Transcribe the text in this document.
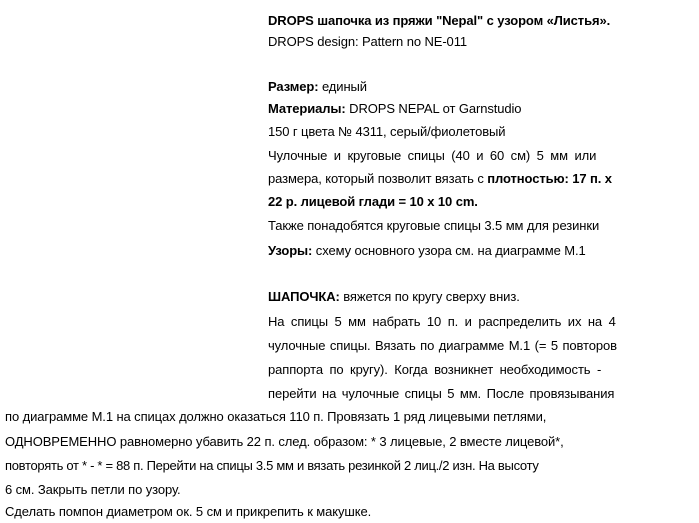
DROPS шапочка из пряжи "Nepal" с узором «Листья».
DROPS design: Pattern no NE-011
Размер: единый
Материалы: DROPS NEPAL от Garnstudio
150 г цвета № 4311, серый/фиолетовый
Чулочные и круговые спицы (40 и 60 см) 5 мм или
размера, который позволит вязать с плотностью: 17 п. х
22 р. лицевой глади = 10 х 10 cm.
Также понадобятся круговые спицы 3.5 мм для резинки
Узоры: схему основного узора см. на диаграмме М.1
ШАПОЧКА: вяжется по кругу сверху вниз.
На спицы 5 мм набрать 10 п. и распределить их на 4
чулочные спицы. Вязать по диаграмме М.1 (= 5 повторов
раппорта по кругу). Когда возникнет необходимость -
перейти на чулочные спицы 5 мм. После провязывания
по диаграмме М.1 на спицах должно оказаться 110 п. Провязать 1 ряд лицевыми петлями,
ОДНОВРЕМЕННО равномерно убавить 22 п. след. образом: * 3 лицевые, 2 вместе лицевой*,
повторять от * - * = 88 п. Перейти на спицы 3.5 мм и вязать резинкой 2 лиц./2 изн. На высоту
6 см. Закрыть петли по узору.
Сделать помпон диаметром ок. 5 см и прикрепить к макушке.
